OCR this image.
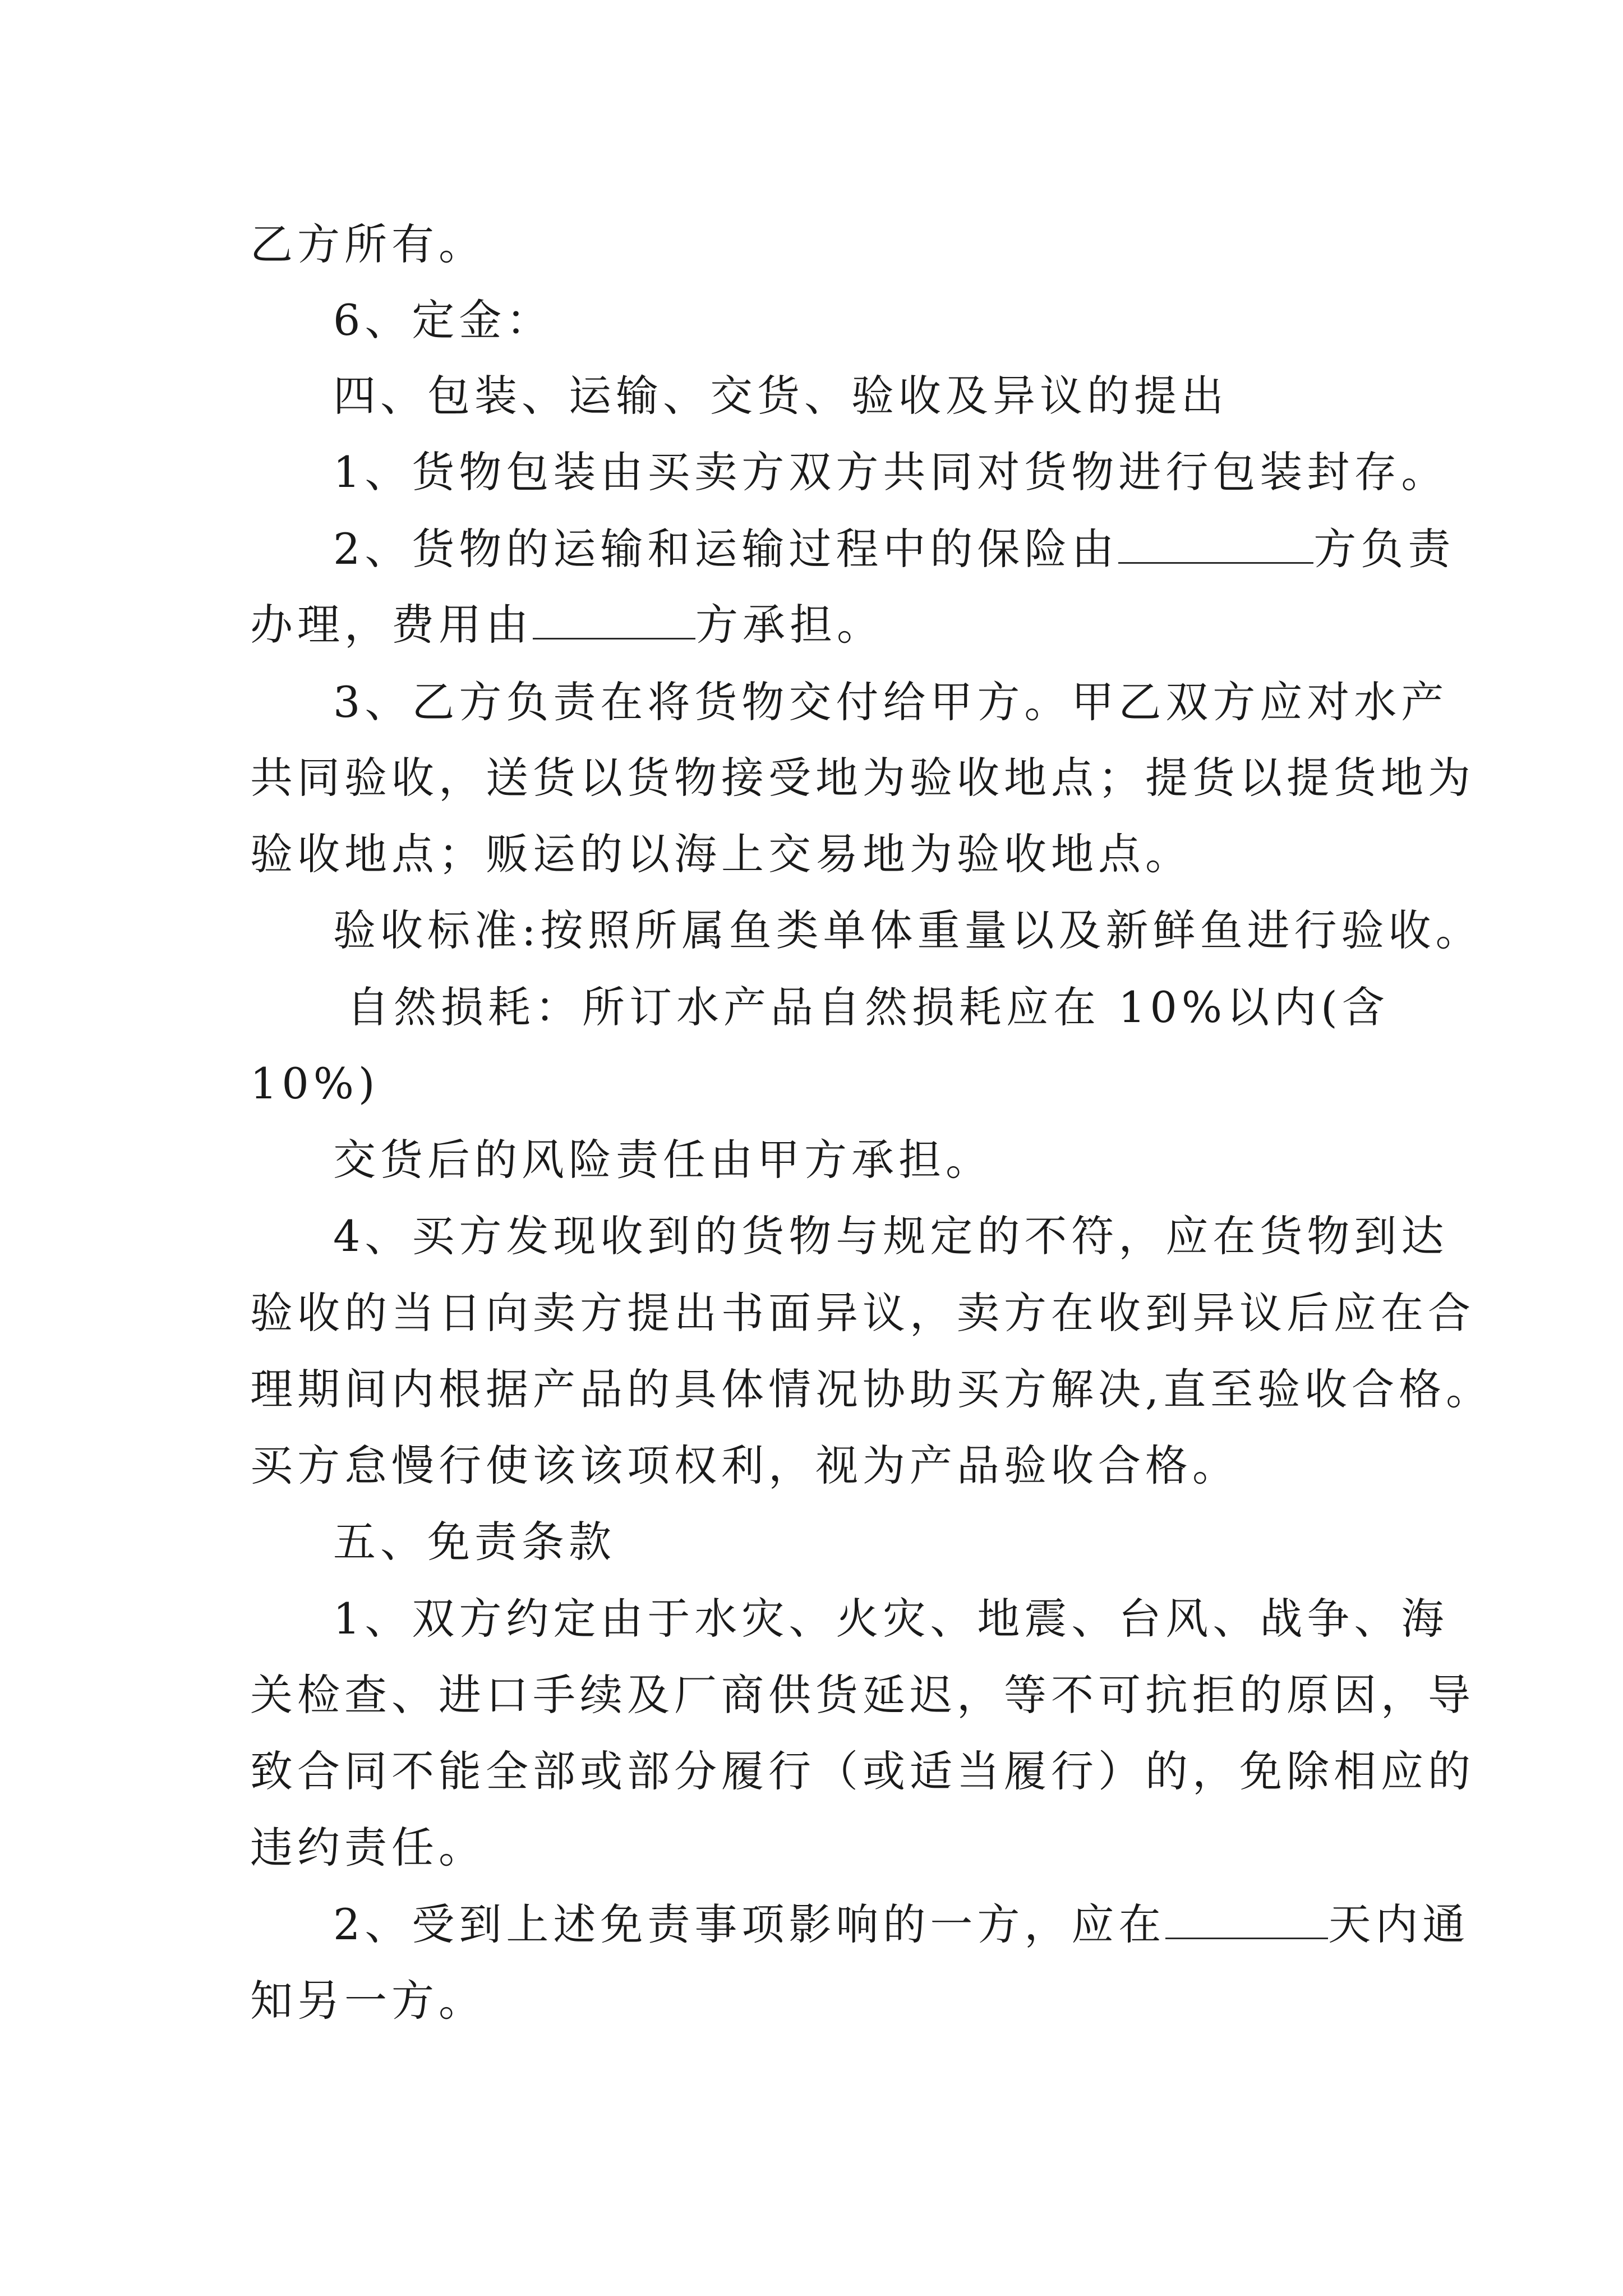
乙方所有。
6、定金：
四、包装、运输、交货、验收及异议的提出
1、货物包装由买卖方双方共同对货物进行包装封存。
2、货物的运输和运输过程中的保险由	方负责
办理，费用由	方承担。
3、乙方负责在将货物交付给甲方。甲乙双方应对水产
共同验收，送货以货物接受地为验收地点；提货以提货地为
验收地点；贩运的以海上交易地为验收地点。
验收标准:按照所属鱼类单体重量以及新鲜鱼进行验收。
自然损耗：所订水产品自然损耗应在 10%以内(含
10%)
交货后的风险责任由甲方承担。
4、买方发现收到的货物与规定的不符，应在货物到达
验收的当日向卖方提出书面异议，卖方在收到异议后应在合
理期间内根据产品的具体情况协助买方解决,直至验收合格。
买方怠慢行使该该项权利，视为产品验收合格。
五、免责条款
1、双方约定由于水灾、火灾、地震、台风、战争、海
关检查、进口手续及厂商供货延迟，等不可抗拒的原因，导
致合同不能全部或部分履行（或适当履行）的，免除相应的
违约责任。
2、受到上述免责事项影响的一方，应在	天内通
知另一方。
